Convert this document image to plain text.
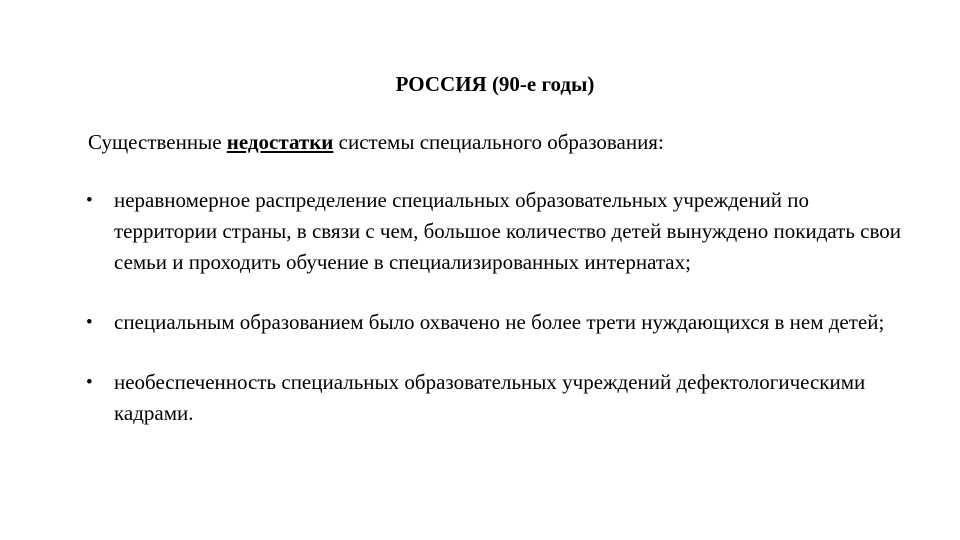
РОССИЯ (90-е годы)
Существенные недостатки системы специального образования:
• неравномерное распределение специальных образовательных учреждений по территории страны, в связи с чем, большое количество детей вынуждено покидать свои семьи и проходить обучение в специализированных интернатах;
• специальным образованием было охвачено не более трети нуждающихся в нем детей;
• необеспеченность специальных образовательных учреждений дефектологическими кадрами.
